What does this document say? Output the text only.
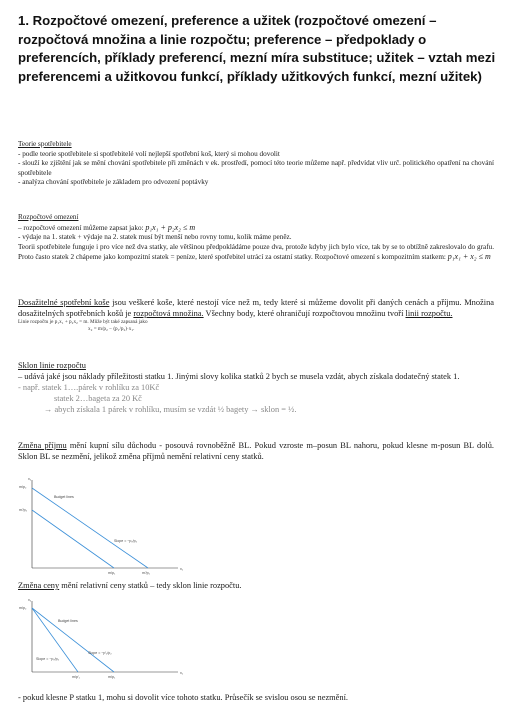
1. Rozpočtové omezení, preference a užitek (rozpočtové omezení – rozpočtová množina a linie rozpočtu; preference – předpoklady o preferencích, příklady preferencí, mezní míra substituce; užitek – vztah mezi preferencemi a užitkovou funkcí, příklady užitkových funkcí, mezní užitek)

Teorie spotřebitele

- podle teorie spotřebitele si spotřebitelé volí nejlepší spotřební koš, který si mohou dovolit

- slouží ke zjištění jak se mění chování spotřebitele při změnách v ek. prostředí, pomocí této teorie můžeme např. předvídat vliv urč. politického opatření na chování spotřebitele

- analýza chování spotřebitele je základem pro odvození poptávky

Rozpočtové omezení

– rozpočtové omezení můžeme zapsat jako: p₁x₁ + p₂x₂ ≤ m

- výdaje na 1. statek + výdaje na 2. statek musí být menší nebo rovny tomu, kolik máme peněz.

Teorii spotřebitele funguje i pro více než dva statky, ale většinou předpokládáme pouze dva, protože kdyby jich bylo více, tak by se to obtížně zakreslovalo do grafu. Proto často statek 2 chápeme jako kompozitní statek = peníze, které spotřebitel utrácí za ostatní statky. Rozpočtové omezení s kompozitním statkem: p₁x₁ + x₂ ≤ m

Dosažitelné spotřební koše jsou veškeré koše, které nestojí více než m, tedy které si můžeme dovolit při daných cenách a příjmu. Množina dosažitelných spotřebních košů je rozpočtová množina. Všechny body, které ohraničují rozpočtovou množinu tvoří linii rozpočtu.

Linie rozpočtu je p₁x₁ + p₂x₂ = m. Může být také zapsaná jako

x₂ = m/p₂ − (p₁/p₂)·x₁.

Sklon linie rozpočtu

– udává jaké jsou náklady příležitosti statku 1. Jinými slovy kolika statků 2 bych se musela vzdát, abych získala dodatečný statek 1.

- např. statek 1….párek v rohlíku za 10Kč

statek 2…bageta za 20 Kč

→ abych získala 1 párek v rohlíku, musím se vzdát ½ bagety → sklon = ½.

Změna příjmu mění kupní sílu důchodu - posouvá rovnoběžně BL. Pokud vzroste m–posun BL nahoru, pokud klesne m-posun BL dolů. Sklon BL se nezmění, jelikož změna příjmů nemění relativní ceny statků.

m/p₂
m'/p₂
Budget lines
Slope = −p₁/p₂
m/p₁	m'/p₁
x₁
x₂

Změna ceny mění relativní ceny statků – tedy sklon linie rozpočtu.

m/p₂
Budget lines
Slope = −p₁/p₂
Slope = −p′₁/p₂
m/p′₁	m/p₁
x₁
x₂

- pokud klesne P statku 1, mohu si dovolit více tohoto statku. Průsečík se svislou osou se nezmění.
